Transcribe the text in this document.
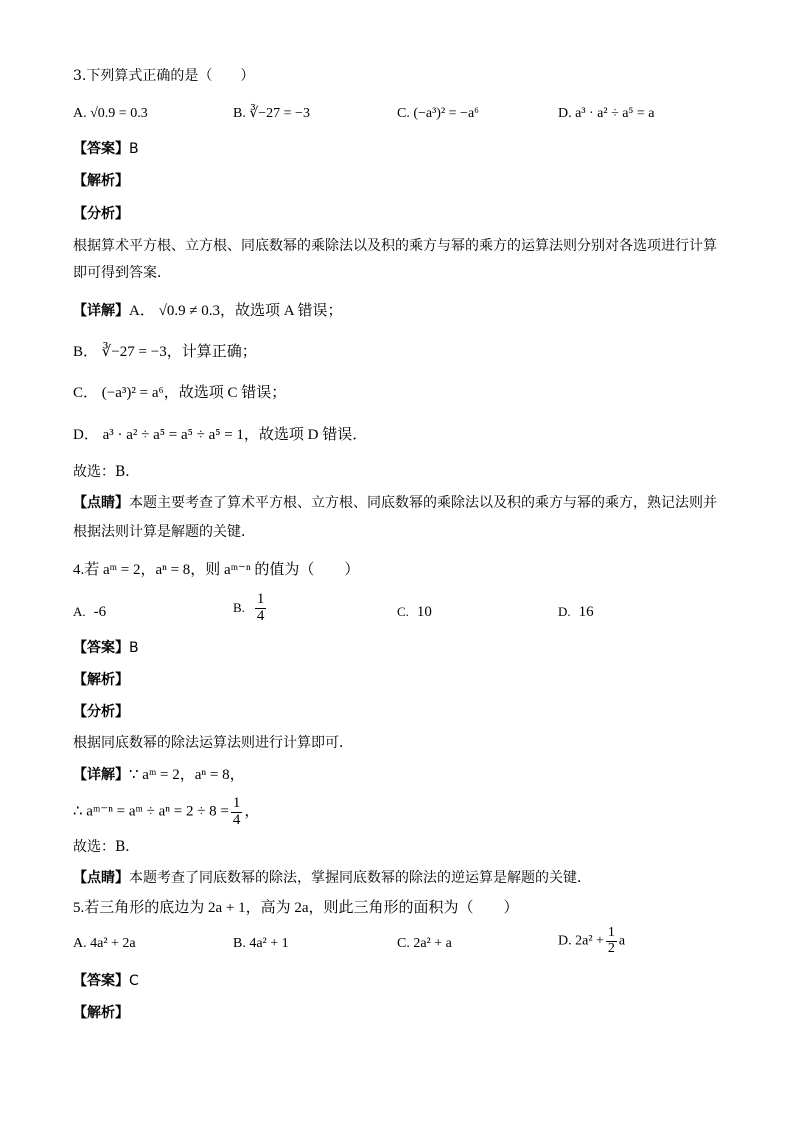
3.下列算式正确的是（　　）
A. √0.9 = 0.3	B. ∛−27 = −3	C. (−a³)² = −a⁶	D. a³ · a² ÷ a⁵ = a
【答案】B
【解析】
【分析】
根据算术平方根、立方根、同底数幂的乘除法以及积的乘方与幂的乘方的运算法则分别对各选项进行计算
即可得到答案．
【详解】A． √0.9 ≠ 0.3，故选项 A 错误；
B． ∛−27 = −3，计算正确；
C． (−a³)² = a⁶，故选项 C 错误；
D． a³ · a² ÷ a⁵ = a⁵ ÷ a⁵ = 1，故选项 D 错误．
故选：B．
【点睛】本题主要考查了算术平方根、立方根、同底数幂的乘除法以及积的乘方与幂的乘方，熟记法则并
根据法则计算是解题的关键．
4.若 aᵐ = 2，aⁿ = 8，则 aᵐ⁻ⁿ 的值为（　　）
A. -6	B. $\frac{1}{4}$	C. 10	D. 16
【答案】B
【解析】
【分析】
根据同底数幂的除法运算法则进行计算即可．
【详解】∵ aᵐ = 2，aⁿ = 8，
∴ aᵐ⁻ⁿ = aᵐ ÷ $a^n = 2 \div 8 = \frac{1}{4}$ ，
故选：B．
【点睛】本题考查了同底数幂的除法，掌握同底数幂的除法的逆运算是解题的关键．
5.若三角形的底边为 2a + 1，高为 2a，则此三角形的面积为（　　）
A. 4a² + 2a	B. 4a² + 1	C. 2a² + a	D. $2a^2 + \frac{1}{2}$ a
【答案】C
【解析】
